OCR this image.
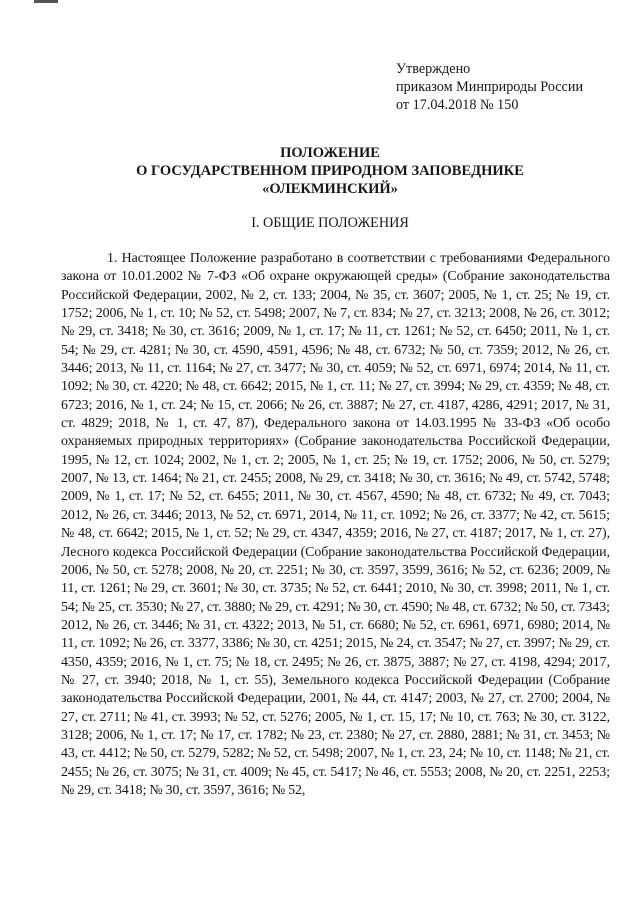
Утверждено
приказом Минприроды России
от 17.04.2018 № 150
ПОЛОЖЕНИЕ
О ГОСУДАРСТВЕННОМ ПРИРОДНОМ ЗАПОВЕДНИКЕ
«ОЛЕКМИНСКИЙ»
I. ОБЩИЕ ПОЛОЖЕНИЯ

1. Настоящее Положение разработано в соответствии с требованиями Федерального закона от 10.01.2002 № 7-ФЗ «Об охране окружающей среды» (Собрание законодательства Российской Федерации, 2002, № 2, ст. 133; 2004, № 35, ст. 3607; 2005, № 1, ст. 25; № 19, ст. 1752; 2006, № 1, ст. 10; № 52, ст. 5498; 2007, № 7, ст. 834; № 27, ст. 3213; 2008, № 26, ст. 3012; № 29, ст. 3418; № 30, ст. 3616; 2009, № 1, ст. 17; № 11, ст. 1261; № 52, ст. 6450; 2011, № 1, ст. 54; № 29, ст. 4281; № 30, ст. 4590, 4591, 4596; № 48, ст. 6732; № 50, ст. 7359; 2012, № 26, ст. 3446; 2013, № 11, ст. 1164; № 27, ст. 3477; № 30, ст. 4059; № 52, ст. 6971, 6974; 2014, № 11, ст. 1092; № 30, ст. 4220; № 48, ст. 6642; 2015, № 1, ст. 11; № 27, ст. 3994; № 29, ст. 4359; № 48, ст. 6723; 2016, № 1, ст. 24; № 15, ст. 2066; № 26, ст. 3887; № 27, ст. 4187, 4286, 4291; 2017, № 31, ст. 4829; 2018, № 1, ст. 47, 87), Федерального закона от 14.03.1995 № 33-ФЗ «Об особо охраняемых природных территориях» (Собрание законодательства Российской Федерации, 1995, № 12, ст. 1024; 2002, № 1, ст. 2; 2005, № 1, ст. 25; № 19, ст. 1752; 2006, № 50, ст. 5279; 2007, № 13, ст. 1464; № 21, ст. 2455; 2008, № 29, ст. 3418; № 30, ст. 3616; № 49, ст. 5742, 5748; 2009, № 1, ст. 17; № 52, ст. 6455; 2011, № 30, ст. 4567, 4590; № 48, ст. 6732; № 49, ст. 7043; 2012, № 26, ст. 3446; 2013, № 52, ст. 6971, 2014, № 11, ст. 1092; № 26, ст. 3377; № 42, ст. 5615; № 48, ст. 6642; 2015, № 1, ст. 52; № 29, ст. 4347, 4359; 2016, № 27, ст. 4187; 2017, № 1, ст. 27), Лесного кодекса Российской Федерации (Собрание законодательства Российской Федерации, 2006, № 50, ст. 5278; 2008, № 20, ст. 2251; № 30, ст. 3597, 3599, 3616; № 52, ст. 6236; 2009, № 11, ст. 1261; № 29, ст. 3601; № 30, ст. 3735; № 52, ст. 6441; 2010, № 30, ст. 3998; 2011, № 1, ст. 54; № 25, ст. 3530; № 27, ст. 3880; № 29, ст. 4291; № 30, ст. 4590; № 48, ст. 6732; № 50, ст. 7343; 2012, № 26, ст. 3446; № 31, ст. 4322; 2013, № 51, ст. 6680; № 52, ст. 6961, 6971, 6980; 2014, № 11, ст. 1092; № 26, ст. 3377, 3386; № 30, ст. 4251; 2015, № 24, ст. 3547; № 27, ст. 3997; № 29, ст. 4350, 4359; 2016, № 1, ст. 75; № 18, ст. 2495; № 26, ст. 3875, 3887; № 27, ст. 4198, 4294; 2017, № 27, ст. 3940; 2018, № 1, ст. 55), Земельного кодекса Российской Федерации (Собрание законодательства Российской Федерации, 2001, № 44, ст. 4147; 2003, № 27, ст. 2700; 2004, № 27, ст. 2711; № 41, ст. 3993; № 52, ст. 5276; 2005, № 1, ст. 15, 17; № 10, ст. 763; № 30, ст. 3122, 3128; 2006, № 1, ст. 17; № 17, ст. 1782; № 23, ст. 2380; № 27, ст. 2880, 2881; № 31, ст. 3453; № 43, ст. 4412; № 50, ст. 5279, 5282; № 52, ст. 5498; 2007, № 1, ст. 23, 24; № 10, ст. 1148; № 21, ст. 2455; № 26, ст. 3075; № 31, ст. 4009; № 45, ст. 5417; № 46, ст. 5553; 2008, № 20, ст. 2251, 2253; № 29, ст. 3418; № 30, ст. 3597, 3616; № 52,
